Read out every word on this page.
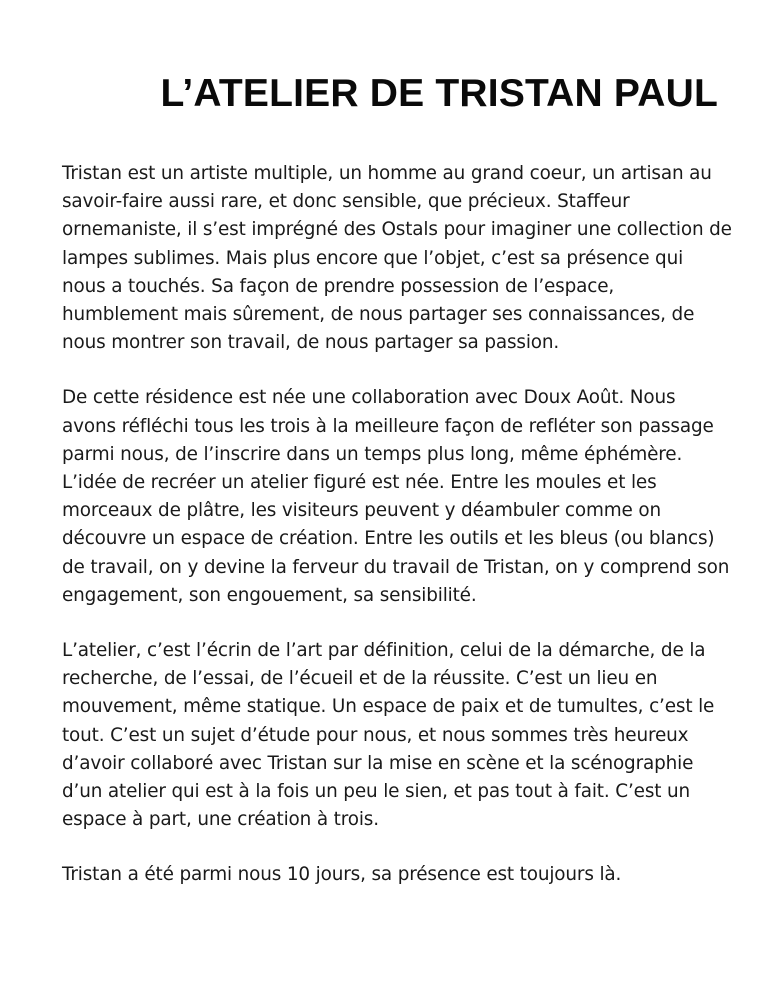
L’ATELIER DE TRISTAN PAUL

Tristan est un artiste multiple, un homme au grand coeur, un artisan au savoir-faire aussi rare, et donc sensible, que précieux. Staffeur ornemaniste, il s’est imprégné des Ostals pour imaginer une collection de lampes sublimes. Mais plus encore que l’objet, c’est sa présence qui nous a touchés. Sa façon de prendre possession de l’espace, humblement mais sûrement, de nous partager ses connaissances, de nous montrer son travail, de nous partager sa passion.

De cette résidence est née une collaboration avec Doux Août. Nous avons réfléchi tous les trois à la meilleure façon de refléter son passage parmi nous, de l’inscrire dans un temps plus long, même éphémère. L’idée de recréer un atelier figuré est née. Entre les moules et les morceaux de plâtre, les visiteurs peuvent y déambuler comme on découvre un espace de création. Entre les outils et les bleus (ou blancs) de travail, on y devine la ferveur du travail de Tristan, on y comprend son engagement, son engouement, sa sensibilité.

L’atelier, c’est l’écrin de l’art par définition, celui de la démarche, de la recherche, de l’essai, de l’écueil et de la réussite. C’est un lieu en mouvement, même statique. Un espace de paix et de tumultes, c’est le tout. C’est un sujet d’étude pour nous, et nous sommes très heureux d’avoir collaboré avec Tristan sur la mise en scène et la scénographie d’un atelier qui est à la fois un peu le sien, et pas tout à fait. C’est un espace à part, une création à trois.

Tristan a été parmi nous 10 jours, sa présence est toujours là.
